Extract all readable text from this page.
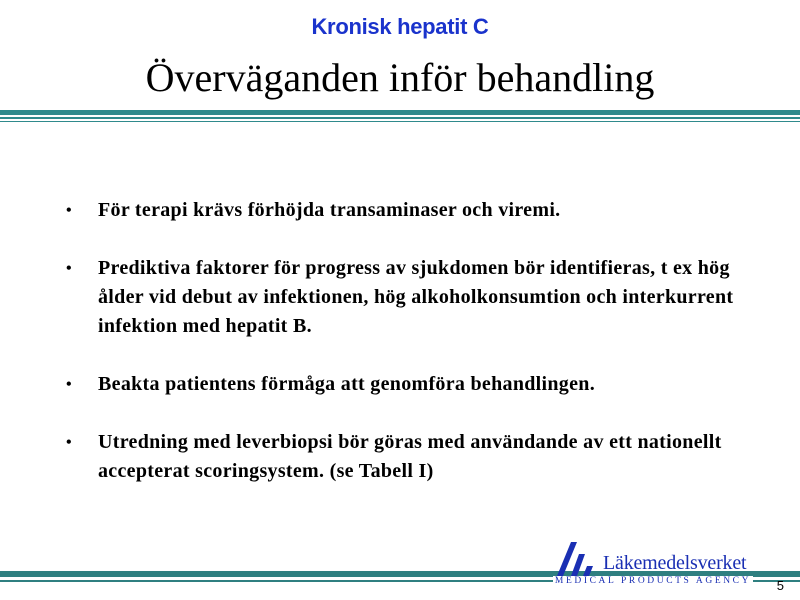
Kronisk hepatit C
Överväganden inför behandling
• För terapi krävs förhöjda transaminaser och viremi.
• Prediktiva faktorer för progress av sjukdomen bör identifieras, t ex hög ålder vid debut av infektionen, hög alkoholkonsumtion och interkurrent infektion med hepatit B.
• Beakta patientens förmåga att genomföra behandlingen.
• Utredning med leverbiopsi bör göras med användande av ett nationellt accepterat scoringsystem. (se Tabell I)
Läkemedelsverket
MEDICAL PRODUCTS AGENCY 5
